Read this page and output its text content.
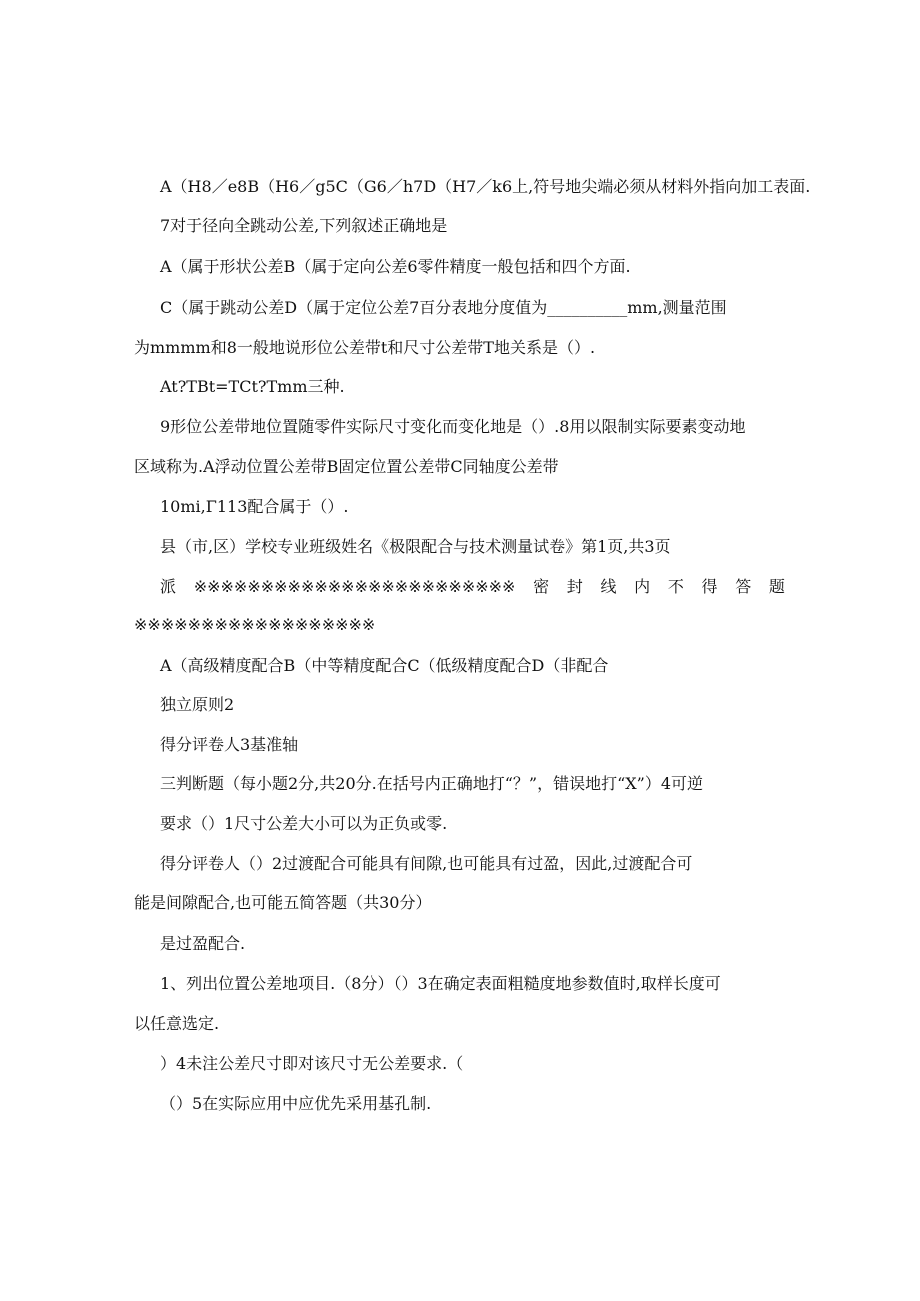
A（H8／e8B（H6／g5C（G6／h7D（H7／k6上,符号地尖端必须从材料外指向加工表面.
7对于径向全跳动公差,下列叙述正确地是
A（属于形状公差B（属于定向公差6零件精度一般包括和四个方面.
C（属于跳动公差D（属于定位公差7百分表地分度值为__________mm,测量范围
为mmmm和8一般地说形位公差带t和尺寸公差带T地关系是（）.
At?TBt=TCt?Tmm三种.
9形位公差带地位置随零件实际尺寸变化而变化地是（）.8用以限制实际要素变动地
区域称为.A浮动位置公差带B固定位置公差带C同轴度公差带
10mi,Γ113配合属于（）.
县（市,区）学校专业班级姓名《极限配合与技术测量试卷》第1页,共3页
派 ※※※※※※※※※※※※※※※※※※※※※※※※ 密 封 线 内 不 得 答 题
※※※※※※※※※※※※※※※※※※
A（高级精度配合B（中等精度配合C（低级精度配合D（非配合
独立原则2
得分评卷人3基准轴
三判断题（每小题2分,共20分.在括号内正确地打“？”，错误地打“X”）4可逆
要求（）1尺寸公差大小可以为正负或零.
得分评卷人（）2过渡配合可能具有间隙,也可能具有过盈，因此,过渡配合可
能是间隙配合,也可能五简答题（共30分）
是过盈配合.
1、列出位置公差地项目.（8分）（）3在确定表面粗糙度地参数值时,取样长度可
以任意选定.
）4未注公差尺寸即对该尺寸无公差要求.（
（）5在实际应用中应优先采用基孔制.
